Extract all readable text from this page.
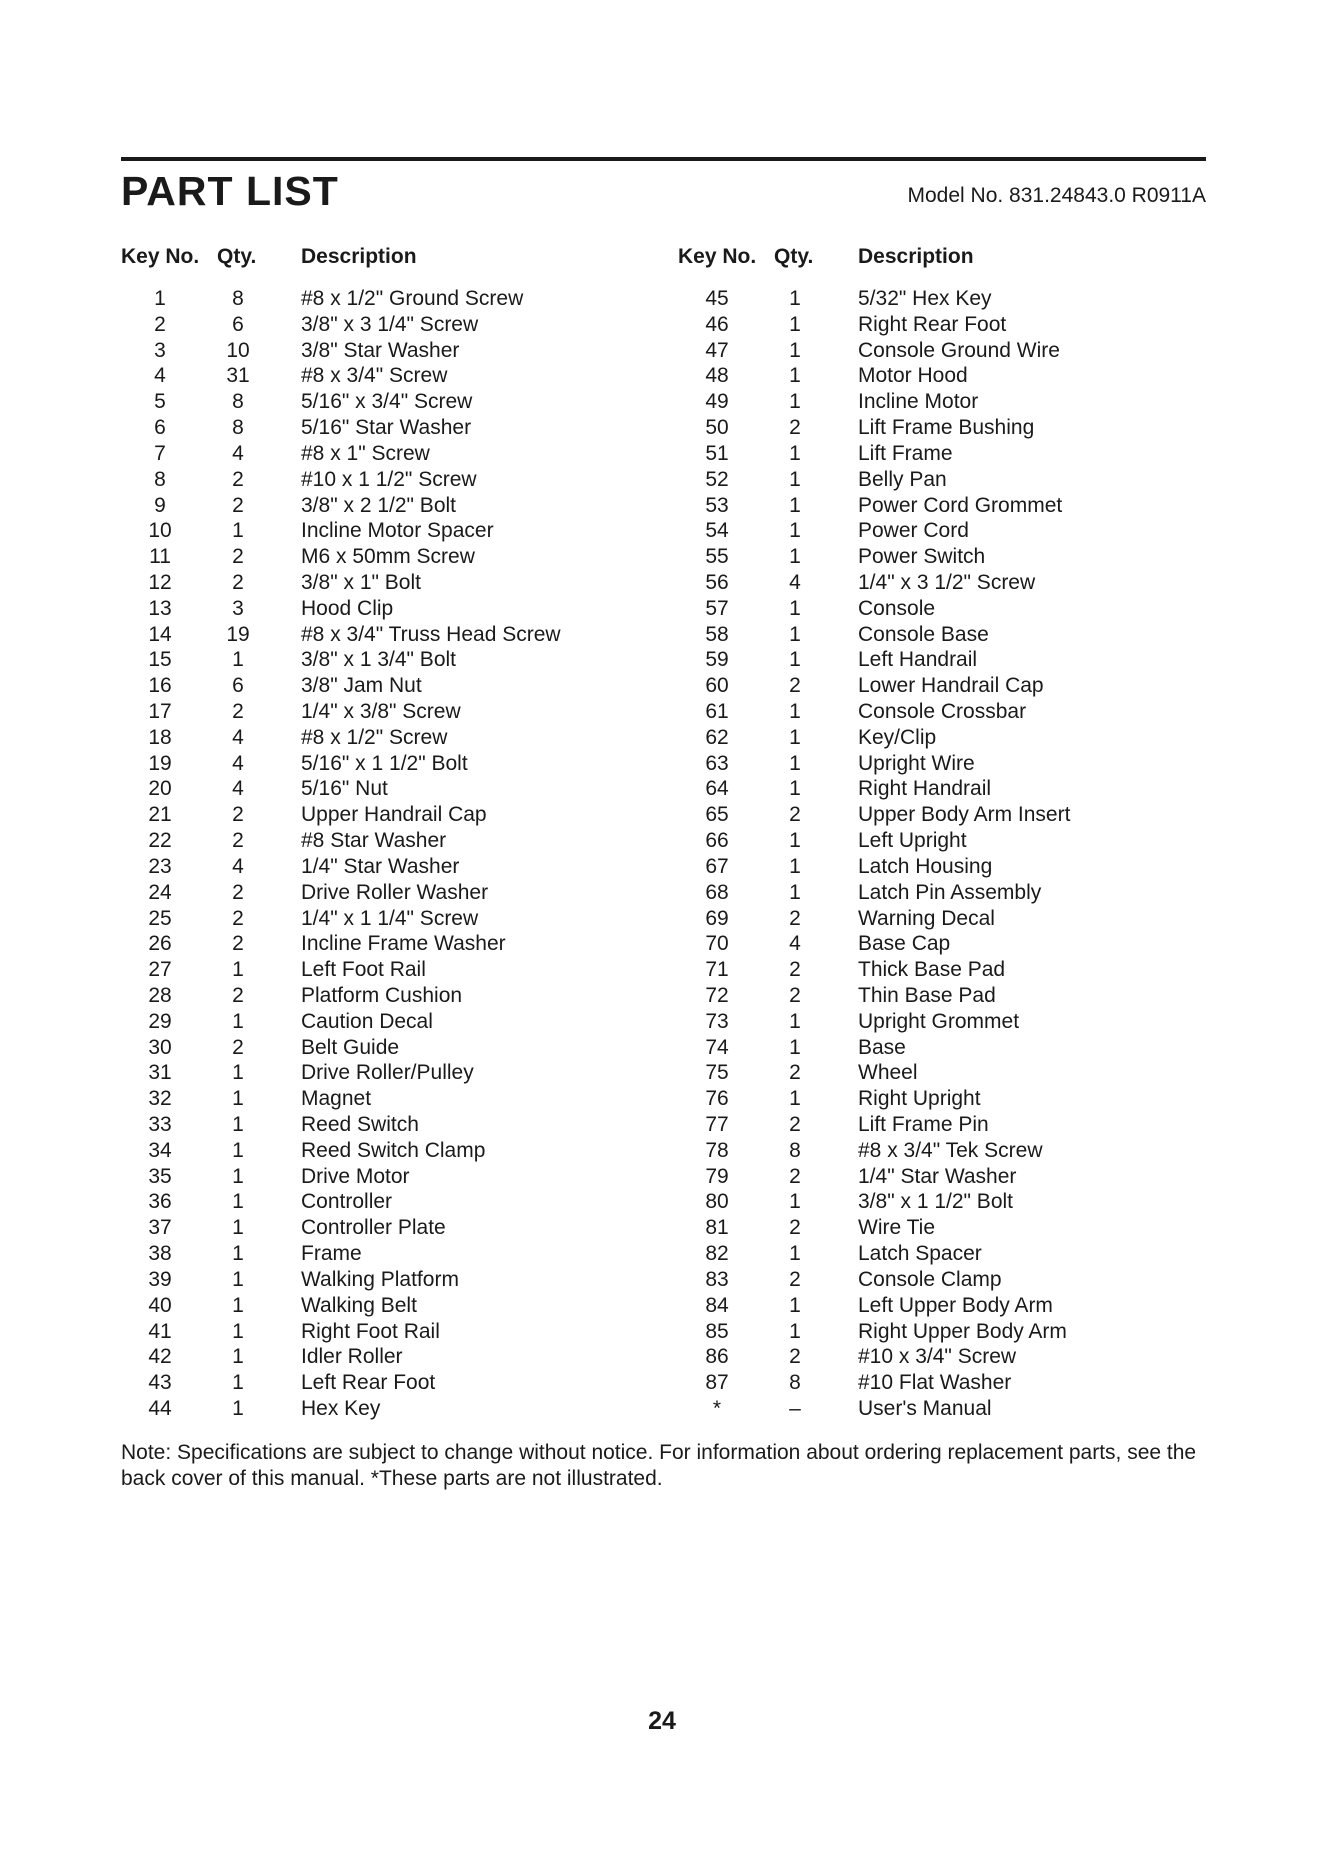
PART LIST	Model No. 831.24843.0 R0911A
Key No. Qty. Description
1	8	#8 x 1/2" Ground Screw
2	6	3/8" x 3 1/4" Screw
3	10	3/8" Star Washer
4	31	#8 x 3/4" Screw
5	8	5/16" x 3/4" Screw
6	8	5/16" Star Washer
7	4	#8 x 1" Screw
8	2	#10 x 1 1/2" Screw
9	2	3/8" x 2 1/2" Bolt
10	1	Incline Motor Spacer
11	2	M6 x 50mm Screw
12	2	3/8" x 1" Bolt
13	3	Hood Clip
14	19	#8 x 3/4" Truss Head Screw
15	1	3/8" x 1 3/4" Bolt
16	6	3/8" Jam Nut
17	2	1/4" x 3/8" Screw
18	4	#8 x 1/2" Screw
19	4	5/16" x 1 1/2" Bolt
20	4	5/16" Nut
21	2	Upper Handrail Cap
22	2	#8 Star Washer
23	4	1/4" Star Washer
24	2	Drive Roller Washer
25	2	1/4" x 1 1/4" Screw
26	2	Incline Frame Washer
27	1	Left Foot Rail
28	2	Platform Cushion
29	1	Caution Decal
30	2	Belt Guide
31	1	Drive Roller/Pulley
32	1	Magnet
33	1	Reed Switch
34	1	Reed Switch Clamp
35	1	Drive Motor
36	1	Controller
37	1	Controller Plate
38	1	Frame
39	1	Walking Platform
40	1	Walking Belt
41	1	Right Foot Rail
42	1	Idler Roller
43	1	Left Rear Foot
44	1	Hex Key
Key No. Qty. Description
45	1	5/32" Hex Key
46	1	Right Rear Foot
47	1	Console Ground Wire
48	1	Motor Hood
49	1	Incline Motor
50	2	Lift Frame Bushing
51	1	Lift Frame
52	1	Belly Pan
53	1	Power Cord Grommet
54	1	Power Cord
55	1	Power Switch
56	4	1/4" x 3 1/2" Screw
57	1	Console
58	1	Console Base
59	1	Left Handrail
60	2	Lower Handrail Cap
61	1	Console Crossbar
62	1	Key/Clip
63	1	Upright Wire
64	1	Right Handrail
65	2	Upper Body Arm Insert
66	1	Left Upright
67	1	Latch Housing
68	1	Latch Pin Assembly
69	2	Warning Decal
70	4	Base Cap
71	2	Thick Base Pad
72	2	Thin Base Pad
73	1	Upright Grommet
74	1	Base
75	2	Wheel
76	1	Right Upright
77	2	Lift Frame Pin
78	8	#8 x 3/4" Tek Screw
79	2	1/4" Star Washer
80	1	3/8" x 1 1/2" Bolt
81	2	Wire Tie
82	1	Latch Spacer
83	2	Console Clamp
84	1	Left Upper Body Arm
85	1	Right Upper Body Arm
86	2	#10 x 3/4" Screw
87	8	#10 Flat Washer
*	–	User's Manual
Note: Specifications are subject to change without notice. For information about ordering replacement parts, see the back cover of this manual. *These parts are not illustrated.
24
